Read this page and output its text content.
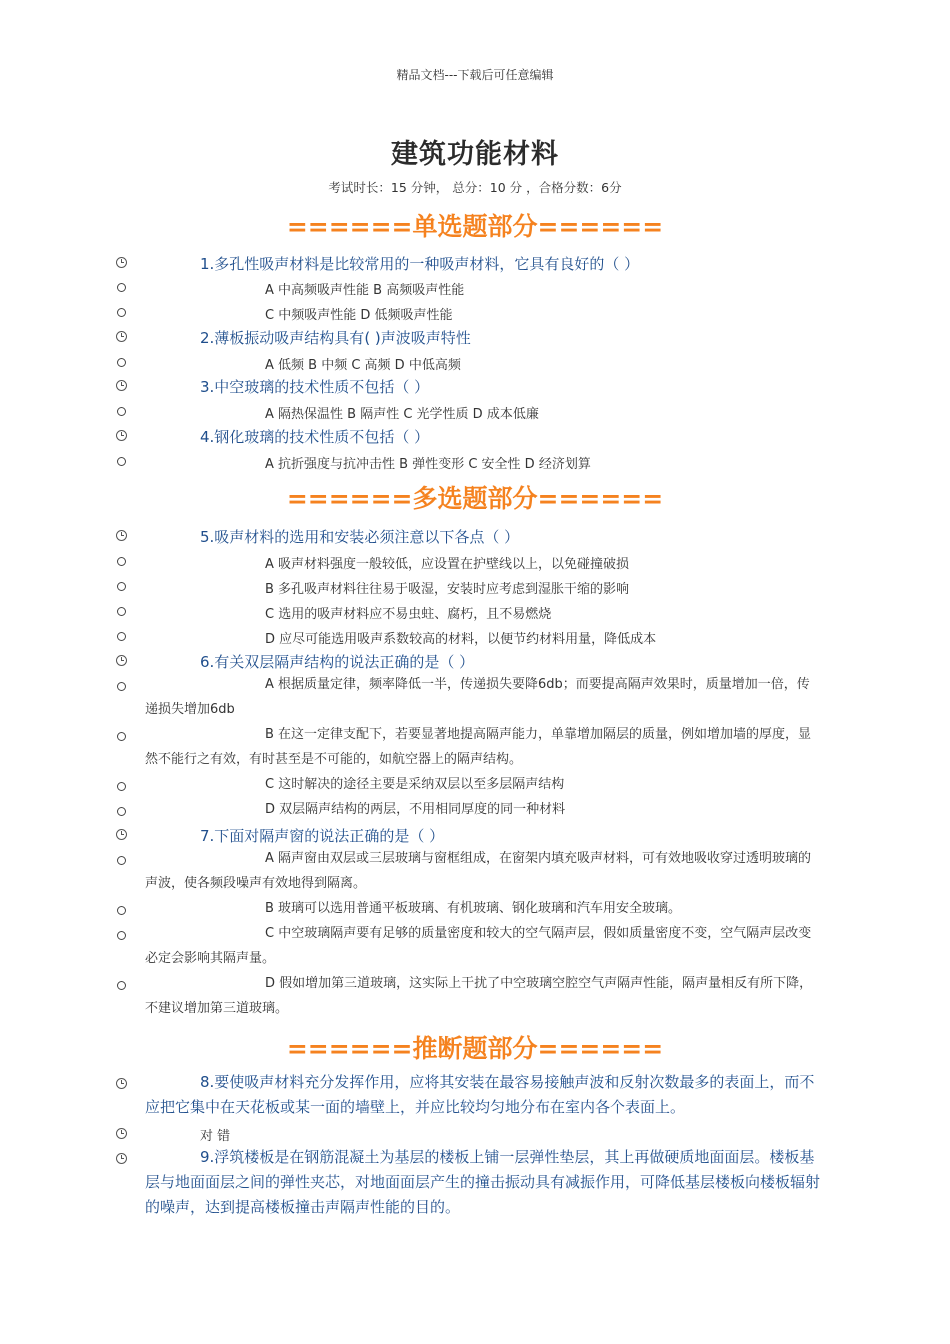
精品文档---下载后可任意编辑
建筑功能材料
考试时长：15 分钟， 总分：10 分 ，合格分数：6分
======单选题部分======
1.多孔性吸声材料是比较常用的一种吸声材料，它具有良好的（ ）
A 中高频吸声性能 B 高频吸声性能
C 中频吸声性能 D 低频吸声性能
2.薄板振动吸声结构具有( )声波吸声特性
A 低频 B 中频 C 高频 D 中低高频
3.中空玻璃的技术性质不包括（ ）
A 隔热保温性 B 隔声性 C 光学性质 D 成本低廉
4.钢化玻璃的技术性质不包括（ ）
A 抗折强度与抗冲击性 B 弹性变形 C 安全性 D 经济划算
======多选题部分======
5.吸声材料的选用和安装必须注意以下各点（ ）
A 吸声材料强度一般较低，应设置在护壁线以上，以免碰撞破损
B 多孔吸声材料往往易于吸湿，安装时应考虑到湿胀干缩的影响
C 选用的吸声材料应不易虫蛀、腐朽，且不易燃烧
D 应尽可能选用吸声系数较高的材料，以便节约材料用量，降低成本
6.有关双层隔声结构的说法正确的是（ ）
A 根据质量定律，频率降低一半，传递损失要降6db；而要提高隔声效果时，质量增加一倍，传递损失增加6db
B 在这一定律支配下，若要显著地提高隔声能力，单靠增加隔层的质量，例如增加墙的厚度，显然不能行之有效，有时甚至是不可能的，如航空器上的隔声结构。
C 这时解决的途径主要是采纳双层以至多层隔声结构
D 双层隔声结构的两层，不用相同厚度的同一种材料
7.下面对隔声窗的说法正确的是（ ）
A 隔声窗由双层或三层玻璃与窗框组成，在窗架内填充吸声材料，可有效地吸收穿过透明玻璃的声波，使各频段噪声有效地得到隔离。
B 玻璃可以选用普通平板玻璃、有机玻璃、钢化玻璃和汽车用安全玻璃。
C 中空玻璃隔声要有足够的质量密度和较大的空气隔声层，假如质量密度不变，空气隔声层改变必定会影响其隔声量。
D 假如增加第三道玻璃，这实际上干扰了中空玻璃空腔空气声隔声性能，隔声量相反有所下降，不建议增加第三道玻璃。
======推断题部分======
8.要使吸声材料充分发挥作用，应将其安装在最容易接触声波和反射次数最多的表面上，而不应把它集中在天花板或某一面的墙壁上，并应比较均匀地分布在室内各个表面上。
对 错
9.浮筑楼板是在钢筋混凝土为基层的楼板上铺一层弹性垫层，其上再做硬质地面面层。楼板基层与地面面层之间的弹性夹芯，对地面面层产生的撞击振动具有减振作用，可降低基层楼板向楼板辐射的噪声，达到提高楼板撞击声隔声性能的目的。
